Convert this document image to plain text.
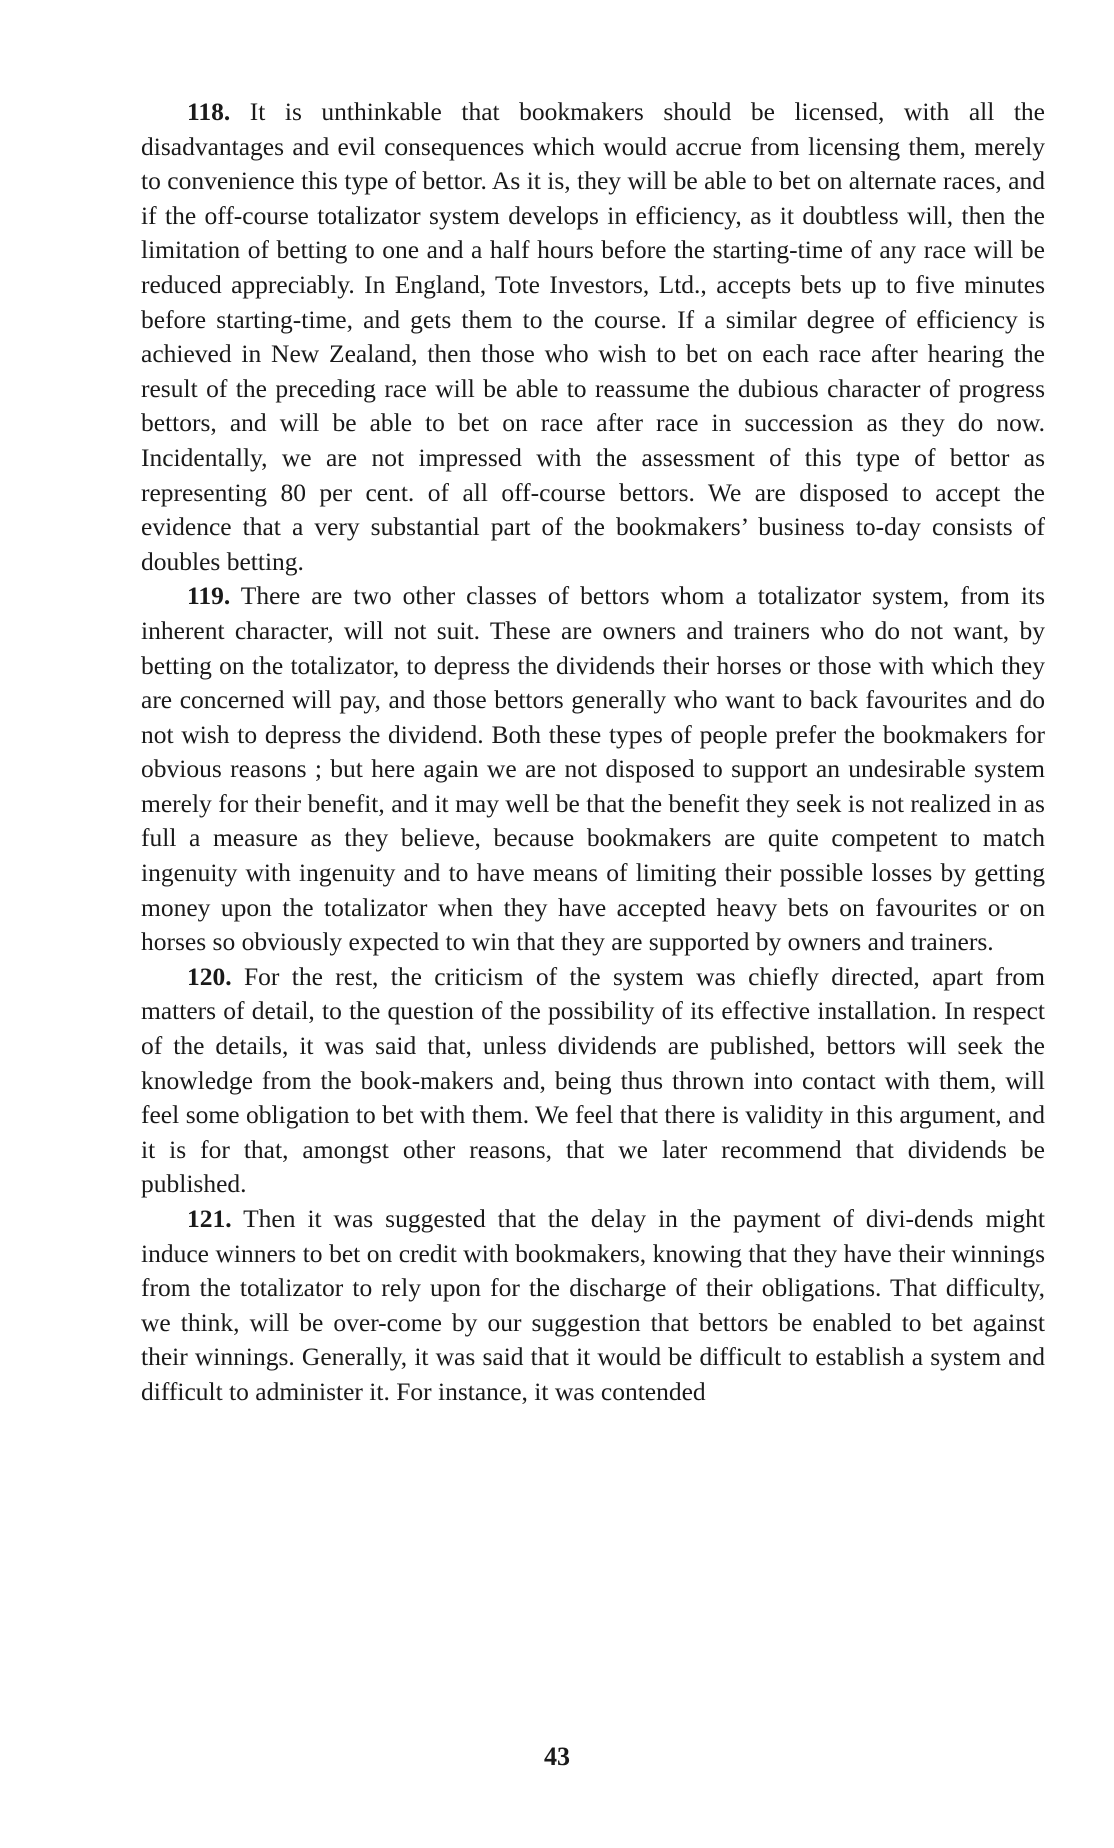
118. It is unthinkable that bookmakers should be licensed, with all the disadvantages and evil consequences which would accrue from licensing them, merely to convenience this type of bettor. As it is, they will be able to bet on alternate races, and if the off-course totalizator system develops in efficiency, as it doubtless will, then the limitation of betting to one and a half hours before the starting-time of any race will be reduced appreciably. In England, Tote Investors, Ltd., accepts bets up to five minutes before starting-time, and gets them to the course. If a similar degree of efficiency is achieved in New Zealand, then those who wish to bet on each race after hearing the result of the preceding race will be able to reassume the dubious character of progress bettors, and will be able to bet on race after race in succession as they do now. Incidentally, we are not impressed with the assessment of this type of bettor as representing 80 per cent. of all off-course bettors. We are disposed to accept the evidence that a very substantial part of the bookmakers’ business to-day consists of doubles betting.

119. There are two other classes of bettors whom a totalizator system, from its inherent character, will not suit. These are owners and trainers who do not want, by betting on the totalizator, to depress the dividends their horses or those with which they are concerned will pay, and those bettors generally who want to back favourites and do not wish to depress the dividend. Both these types of people prefer the bookmakers for obvious reasons ; but here again we are not disposed to support an undesirable system merely for their benefit, and it may well be that the benefit they seek is not realized in as full a measure as they believe, because bookmakers are quite competent to match ingenuity with ingenuity and to have means of limiting their possible losses by getting money upon the totalizator when they have accepted heavy bets on favourites or on horses so obviously expected to win that they are supported by owners and trainers.

120. For the rest, the criticism of the system was chiefly directed, apart from matters of detail, to the question of the possibility of its effective installation. In respect of the details, it was said that, unless dividends are published, bettors will seek the knowledge from the book-makers and, being thus thrown into contact with them, will feel some obligation to bet with them. We feel that there is validity in this argument, and it is for that, amongst other reasons, that we later recommend that dividends be published.

121. Then it was suggested that the delay in the payment of divi-dends might induce winners to bet on credit with bookmakers, knowing that they have their winnings from the totalizator to rely upon for the discharge of their obligations. That difficulty, we think, will be over-come by our suggestion that bettors be enabled to bet against their winnings. Generally, it was said that it would be difficult to establish a system and difficult to administer it. For instance, it was contended

43
